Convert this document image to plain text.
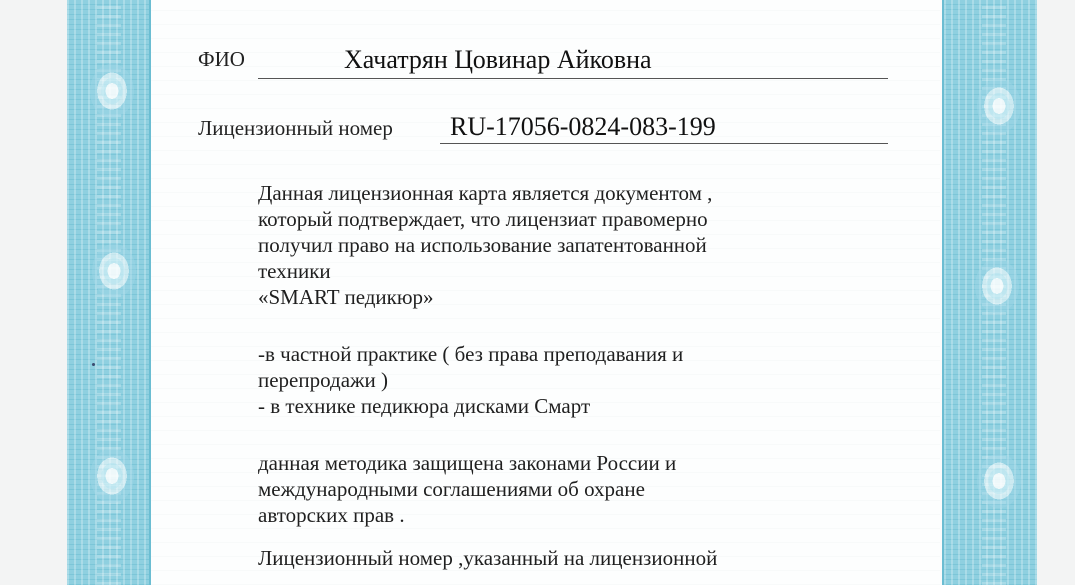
ФИО	Хачатрян Цовинар Айковна
Лицензионный номер RU-17056-0824-083-199
Данная лицензионная карта является документом ,
который подтверждает, что лицензиат правомерно
получил право на использование запатентованной
техники
«SMART педикюр»
-в частной практике ( без права преподавания и
перепродажи )
- в технике педикюра дисками Смарт
данная методика защищена законами России и
международными соглашениями об охране
авторских прав .
Лицензионный номер ,указанный на лицензионной
